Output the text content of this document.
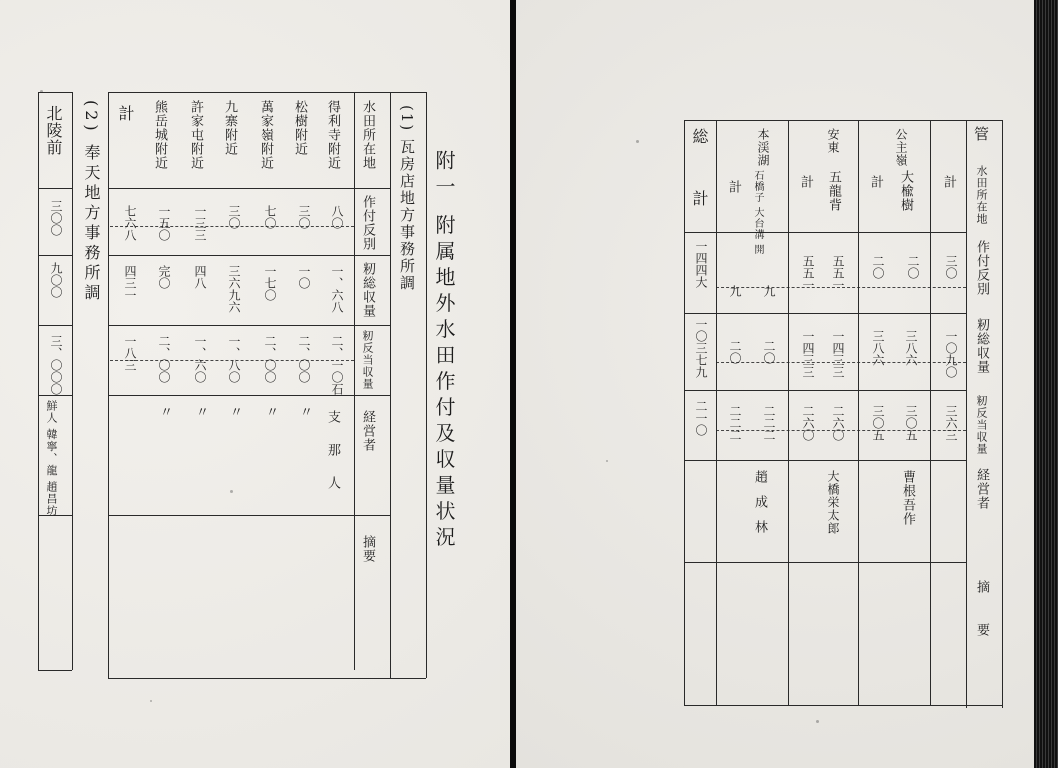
附一 附属地外水田作付及収量状況
(1) 瓦房店地方事務所調
水田所在地
作付反別
籾総収量
籾反当収量
経営者
摘要
得利寺附近
八〇
一、六八
二、一〇石
支那人
松樹附近
三〇
一〇
二、〇〇
〃
萬家嶺附近
七〇
一七〇
二、〇〇
〃
九寨附近
三〇
三六九六
一、八〇
〃
許家屯附近
一三三
四八
一、六〇
〃
熊岳城附近
一五〇
完〇
二、〇〇
〃
計
七六八
四三一
一八三
(2) 奉天地方事務所調
北陵前
三〇〇
九〇〇
三、〇〇〇
鮮人 韓寧、龍 趙昌坊
管
水田所在地
作付反別
籾総収量
籾反当収量
経営者
摘要
公主嶺
大楡樹
二〇
三八六
三〇五
曹根吾作
計
三〇
一〇九〇
三六三
計
二〇
三八六
三〇五
安東
五龍背
五五一
一四三三
二六〇
大橋栄太郎
計
五五一
一四三三
二六〇
本渓湖
石橋子 大台溝 開
九
二〇
二二二
趙成林
計
九
二〇
二二二
総
計
一四四大
一〇三七九
二一〇
